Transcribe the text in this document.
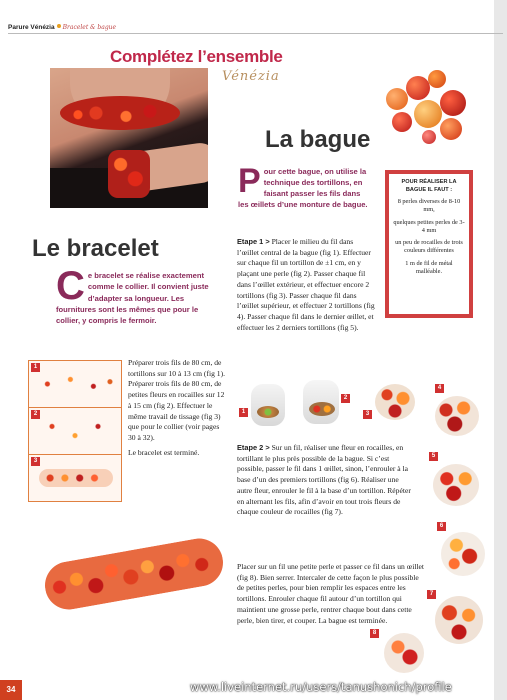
Parure Vénézia Bracelet & bague
Complétez l’ensemble
Vénézia
La bague
Pour cette bague, on utilise la technique des tortillons, en faisant passer les fils dans les œillets d’une monture de bague.
POUR RÉALISER LA BAGUE IL FAUT :

8 perles diverses de 8-10 mm,

quelques petites perles de 3-4 mm

un peu de rocailles de trois couleurs différentes

1 m de fil de métal malléable.

Etape 1 > Placer le milieu du fil dans l’œillet central de la bague (fig 1). Effectuer sur chaque fil un tortillon de ±1 cm, en y plaçant une perle (fig 2). Passer chaque fil dans l’œillet extérieur, et effectuer encore 2 tortillons (fig 3). Passer chaque fil dans l’œillet supérieur, et effectuer 2 tortillons (fig 4). Passer chaque fil dans le dernier œillet, et effectuer les 2 derniers tortillons (fig 5).
1
2
3
4
Etape 2 > Sur un fil, réaliser une fleur en rocailles, en tortillant le plus près possible de la bague. Si c’est possible, passer le fil dans 1 œillet, sinon, l’enrouler à la base d’un des premiers tortillons (fig 6). Réaliser une autre fleur, enrouler le fil à la base d’un tortillon. Répéter en alternant les fils, afin d’avoir en tout trois fleurs de chaque couleur de rocailles (fig 7).
5
6
7
Placer sur un fil une petite perle et passer ce fil dans un œillet (fig 8). Bien serrer. Intercaler de cette façon le plus possible de petites perles, pour bien remplir les espaces entre les tortillons. Enrouler chaque fil autour d’un tortillon qui maintient une grosse perle, rentrer chaque bout dans cette perle, bien tirer, et couper. La bague est terminée.
8
Le bracelet
Ce bracelet se réalise exactement comme le collier. Il convient juste d’adapter sa longueur. Les fournitures sont les mêmes que pour le collier, y compris le fermoir.
1
2
3
Préparer trois fils de 80 cm, de tortillons sur 10 à 13 cm (fig 1). Préparer trois fils de 80 cm, de petites fleurs en rocailles sur 12 à 15 cm (fig 2). Effectuer le même travail de tissage (fig 3) que pour le collier (voir pages 30 à 32).
Le bracelet est terminé.
34	www.liveinternet.ru/users/tanushonich/profile
